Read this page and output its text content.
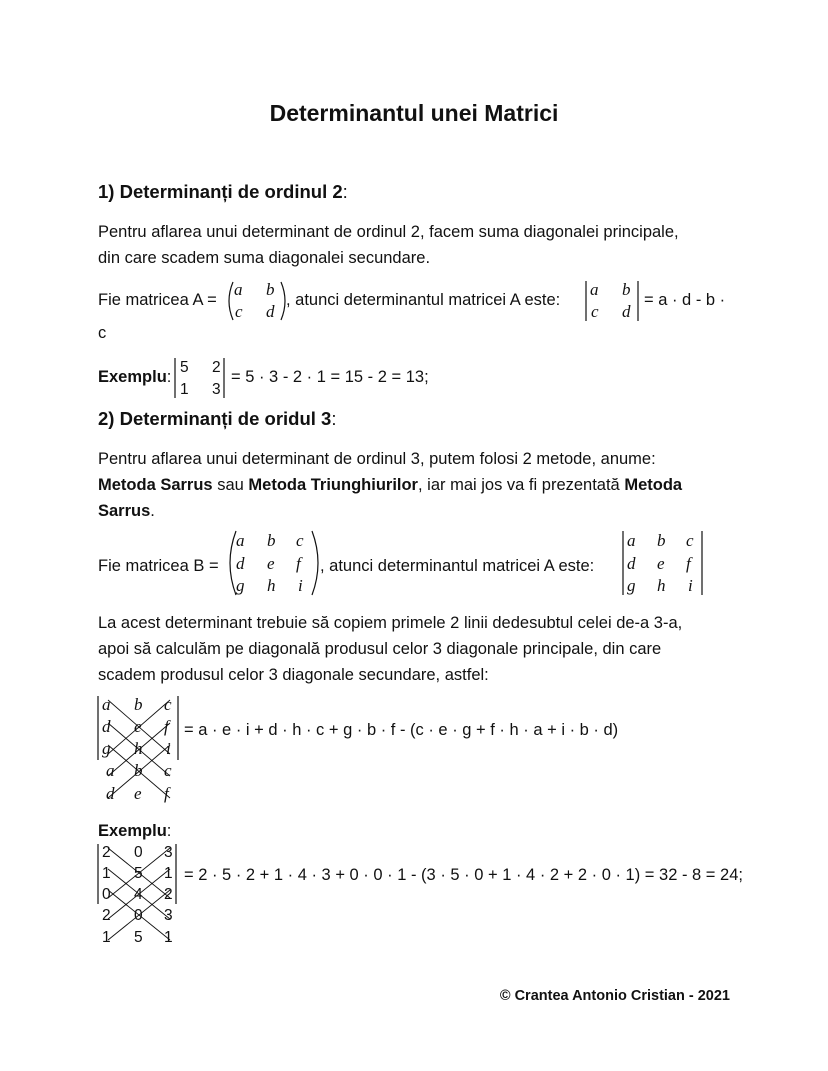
Determinantul unei Matrici
1) Determinanți de ordinul 2:
Pentru aflarea unui determinant de ordinul 2, facem suma diagonalei principale,
din care scadem suma diagonalei secundare.
Fie matricea A =
a b
c d
, atunci determinantul matricei A este:
a b
c d
= a · d - b ·
c
Exemplu:
5 2
1 3
= 5 · 3 - 2 · 1 = 15 - 2 = 13;
2) Determinanți de oridul 3:
Pentru aflarea unui determinant de ordinul 3, putem folosi 2 metode, anume:
Metoda Sarrus sau Metoda Triunghiurilor, iar mai jos va fi prezentată Metoda
Sarrus.
Fie matricea B =
a b c
d e f
g h i
, atunci determinantul matricei A este:
a b c
d e f
g h i
La acest determinant trebuie să copiem primele 2 linii dedesubtul celei de-a 3-a,
apoi să calculăm pe diagonală produsul celor 3 diagonale principale, din care
scadem produsul celor 3 diagonale secundare, astfel:
a b c
d e f
g h i
a b c
d e f
= a · e · i + d · h · c + g · b · f - (c · e · g + f · h · a + i · b · d)
Exemplu:
2 0 3
1 5 1
0 4 2
2 0 3
1 5 1
= 2 · 5 · 2 + 1 · 4 · 3 + 0 · 0 · 1 - (3 · 5 · 0 + 1 · 4 · 2 + 2 · 0 · 1) = 32 - 8 = 24;
© Crantea Antonio Cristian - 2021
